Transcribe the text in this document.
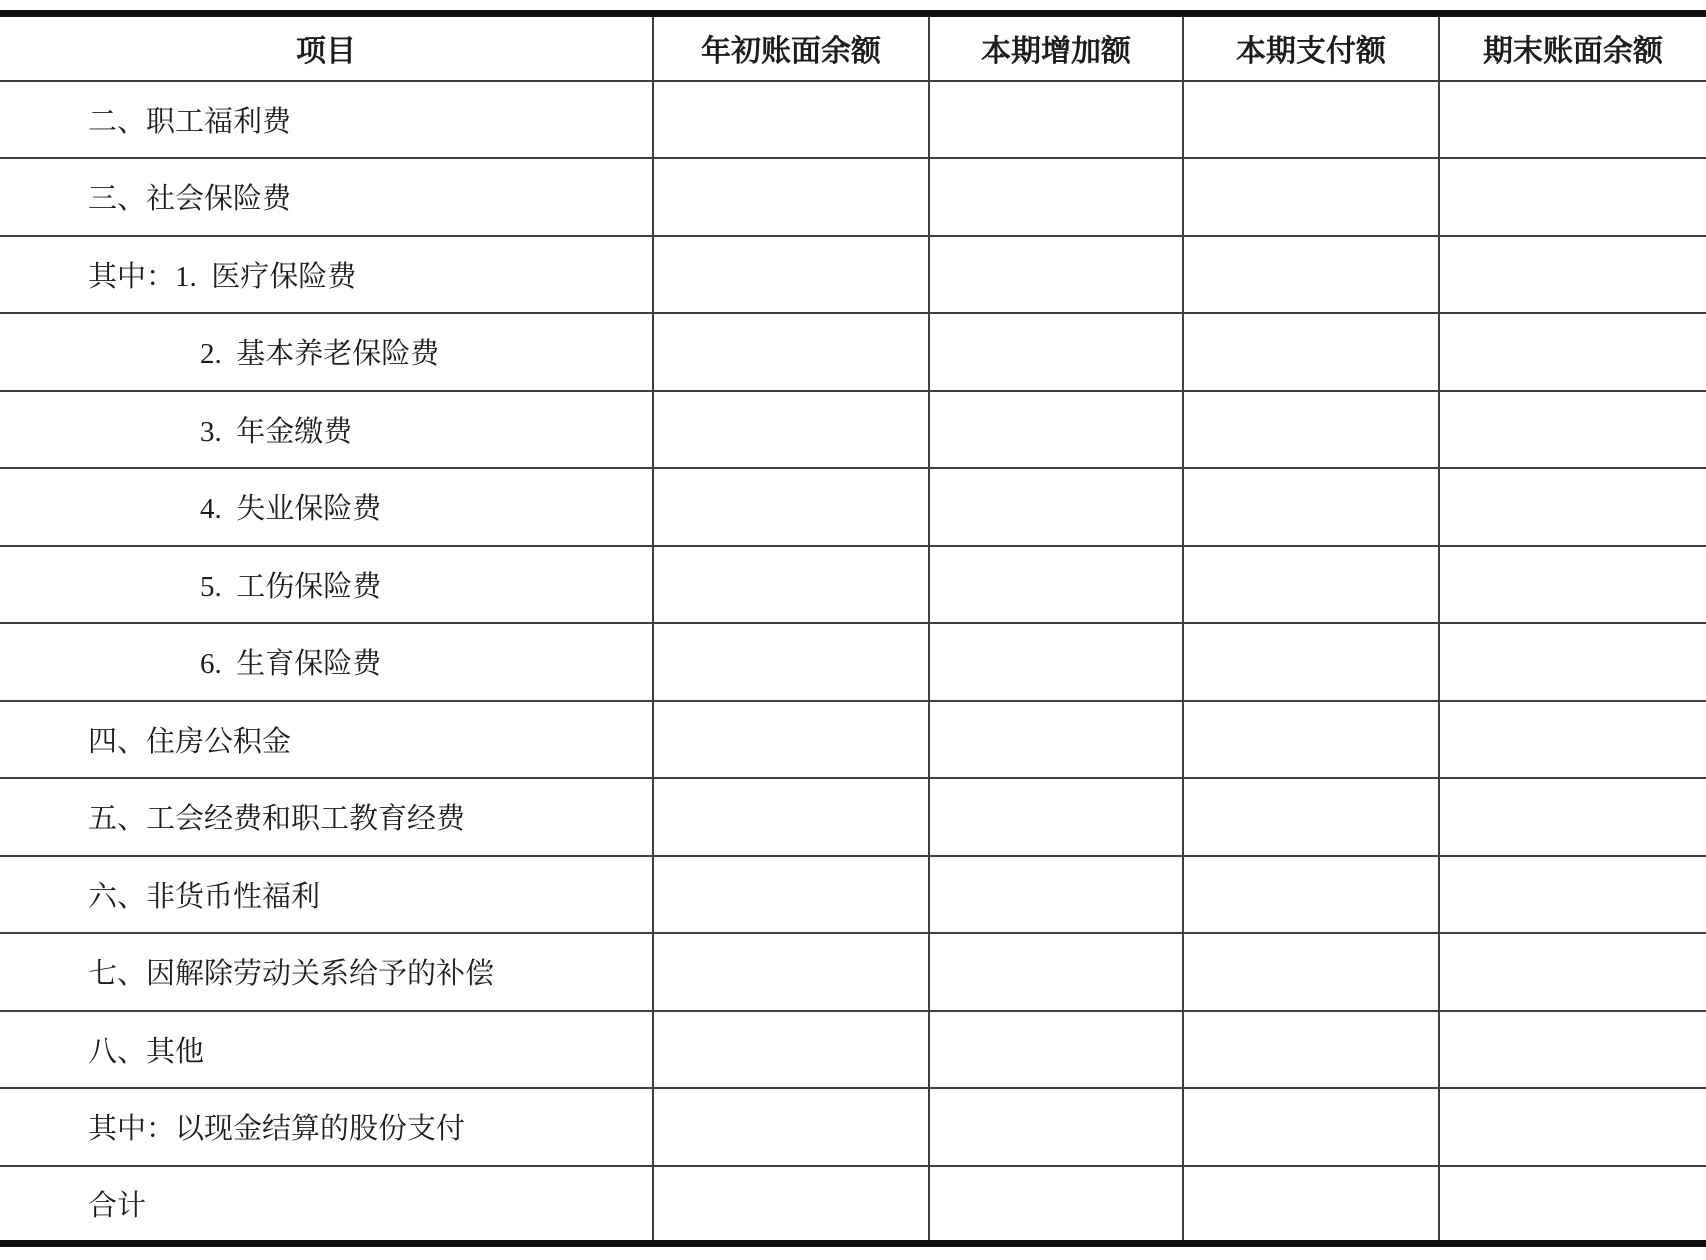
项目	年初账面余额	本期增加额	本期支付额	期末账面余额
二、职工福利费				
三、社会保险费				
其中：1.  医疗保险费				
2.  基本养老保险费				
3.  年金缴费				
4.  失业保险费				
5.  工伤保险费				
6.  生育保险费				
四、住房公积金				
五、工会经费和职工教育经费				
六、非货币性福利				
七、因解除劳动关系给予的补偿				
八、其他				
其中：以现金结算的股份支付				
合计				
